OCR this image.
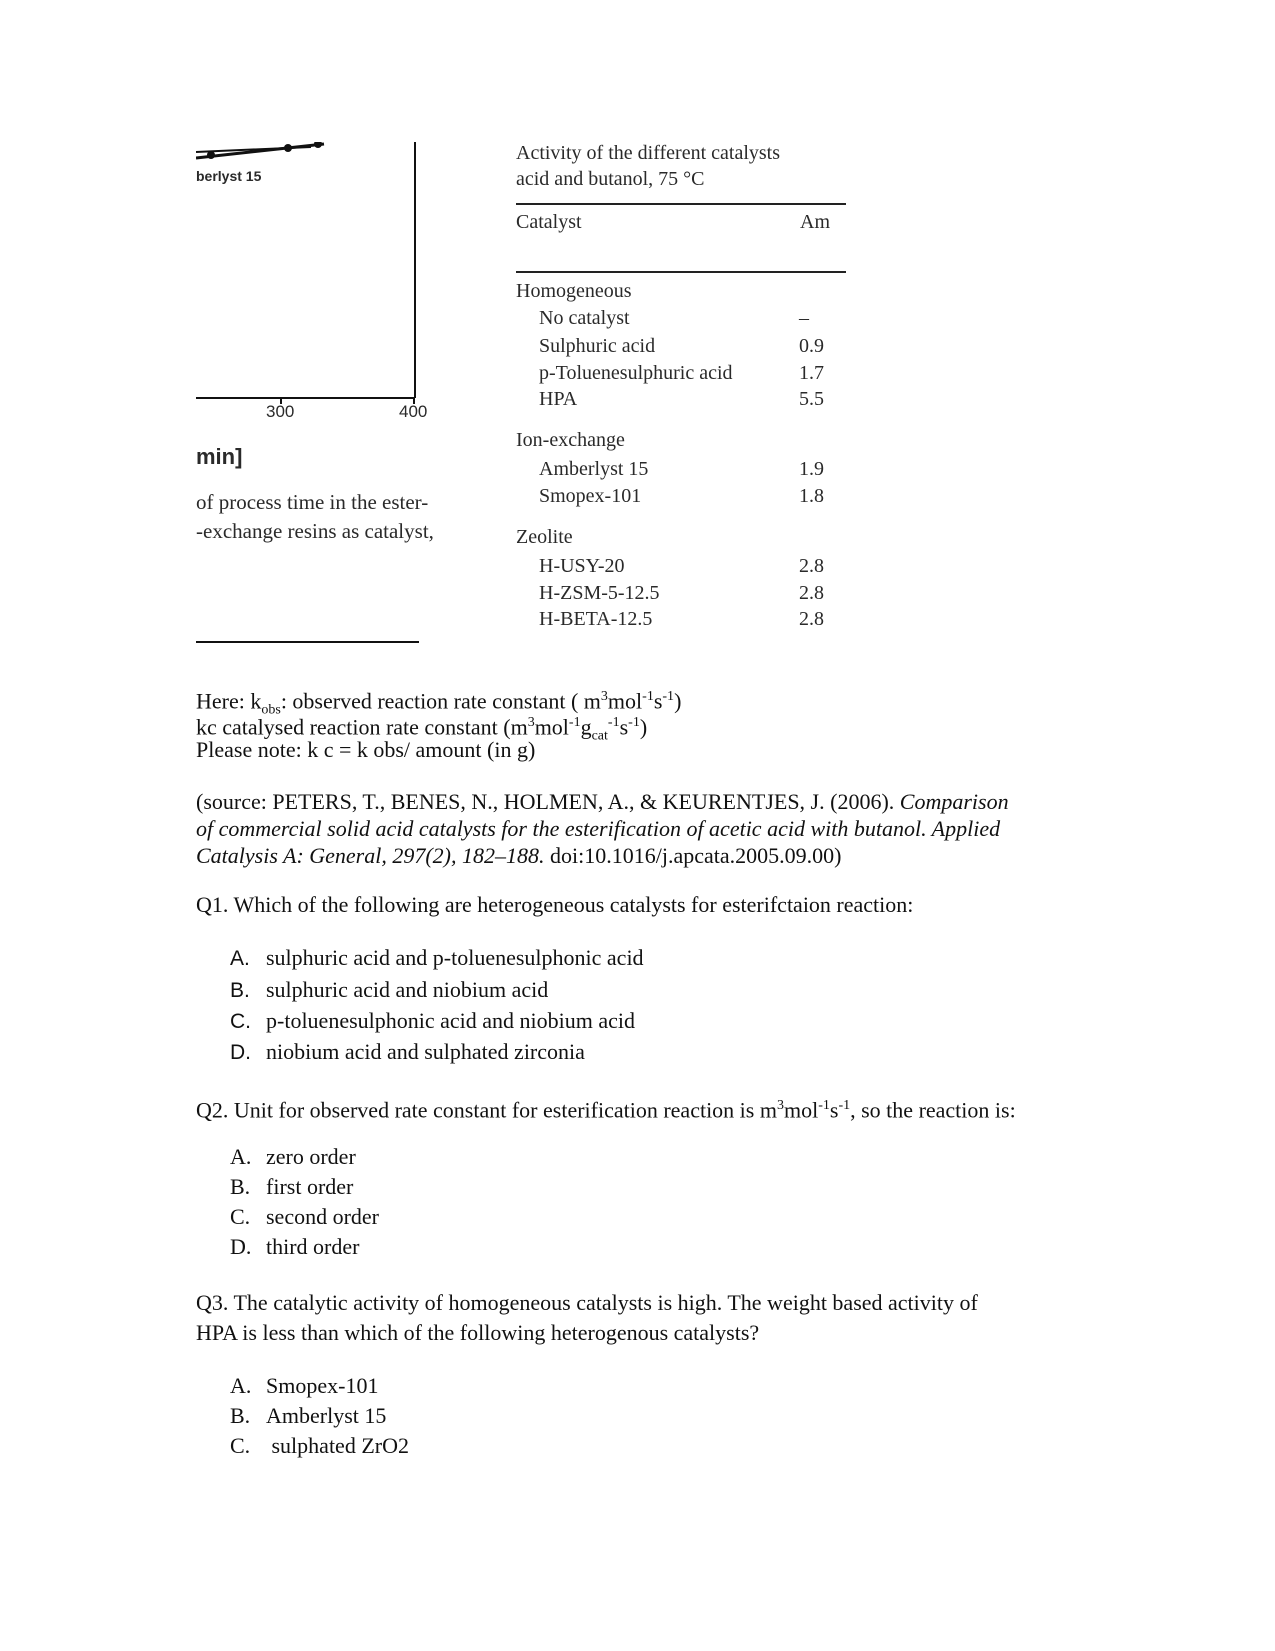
berlyst 15
300	400
min]
of process time in the ester-
-exchange resins as catalyst,
Activity of the different catalysts
acid and butanol, 75 °C
Catalyst	Am
Homogeneous
No catalyst	–
Sulphuric acid	0.9
p-Toluenesulphuric acid	1.7
HPA	5.5
Ion-exchange
Amberlyst 15	1.9
Smopex-101	1.8
Zeolite
H-USY-20	2.8
H-ZSM-5-12.5	2.8
H-BETA-12.5	2.8
Here: $k_{obs}$: observed reaction rate constant ( $m^3mol^{-1}s^{-1}$)
kc catalysed reaction rate constant $(m^3mol^{-1}g_{cat}^{-1}s^{-1})$
Please note: k c = k obs/ amount (in g)
(source: PETERS, T., BENES, N., HOLMEN, A., & KEURENTJES, J. (2006). Comparison
of commercial solid acid catalysts for the esterification of acetic acid with butanol. Applied
Catalysis A: General, 297(2), 182–188. doi:10.1016/j.apcata.2005.09.00)
Q1. Which of the following are heterogeneous catalysts for esterifctaion reaction:
A. sulphuric acid and p-toluenesulphonic acid
B. sulphuric acid and niobium acid
C. p-toluenesulphonic acid and niobium acid
D. niobium acid and sulphated zirconia
Q2. Unit for observed rate constant for esterification reaction is $m^3mol^{-1}s^{-1}$, so the reaction is:
A. zero order
B. first order
C. second order
D. third order
Q3. The catalytic activity of homogeneous catalysts is high. The weight based activity of
HPA is less than which of the following heterogenous catalysts?
A. Smopex-101
B. Amberlyst 15
C. sulphated ZrO2
